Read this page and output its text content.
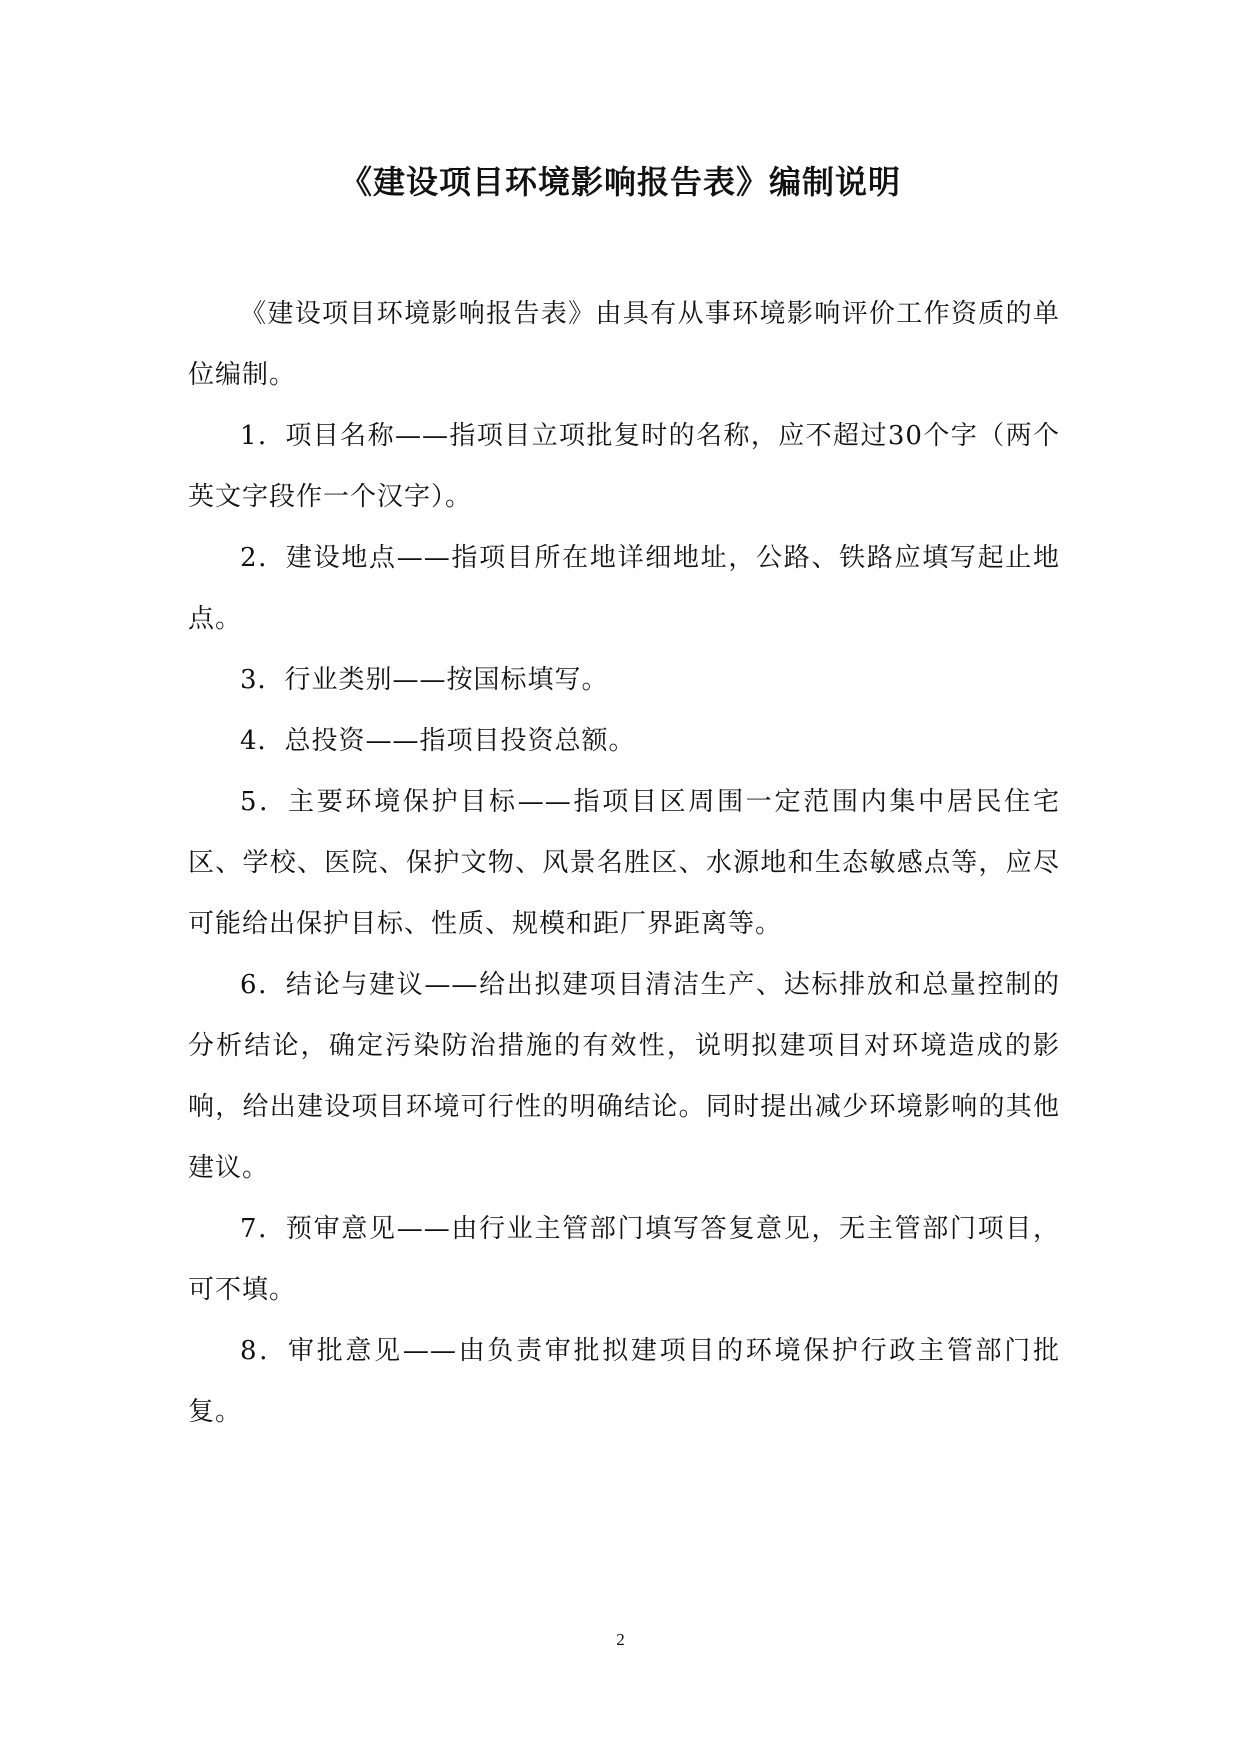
《建设项目环境影响报告表》编制说明

《建设项目环境影响报告表》由具有从事环境影响评价工作资质的单位编制。

1．项目名称——指项目立项批复时的名称，应不超过30个字（两个英文字段作一个汉字）。

2．建设地点——指项目所在地详细地址，公路、铁路应填写起止地点。

3．行业类别——按国标填写。

4．总投资——指项目投资总额。

5．主要环境保护目标——指项目区周围一定范围内集中居民住宅区、学校、医院、保护文物、风景名胜区、水源地和生态敏感点等，应尽可能给出保护目标、性质、规模和距厂界距离等。

6．结论与建议——给出拟建项目清洁生产、达标排放和总量控制的分析结论，确定污染防治措施的有效性，说明拟建项目对环境造成的影响，给出建设项目环境可行性的明确结论。同时提出减少环境影响的其他建议。

7．预审意见——由行业主管部门填写答复意见，无主管部门项目，可不填。

8．审批意见——由负责审批拟建项目的环境保护行政主管部门批复。

2
